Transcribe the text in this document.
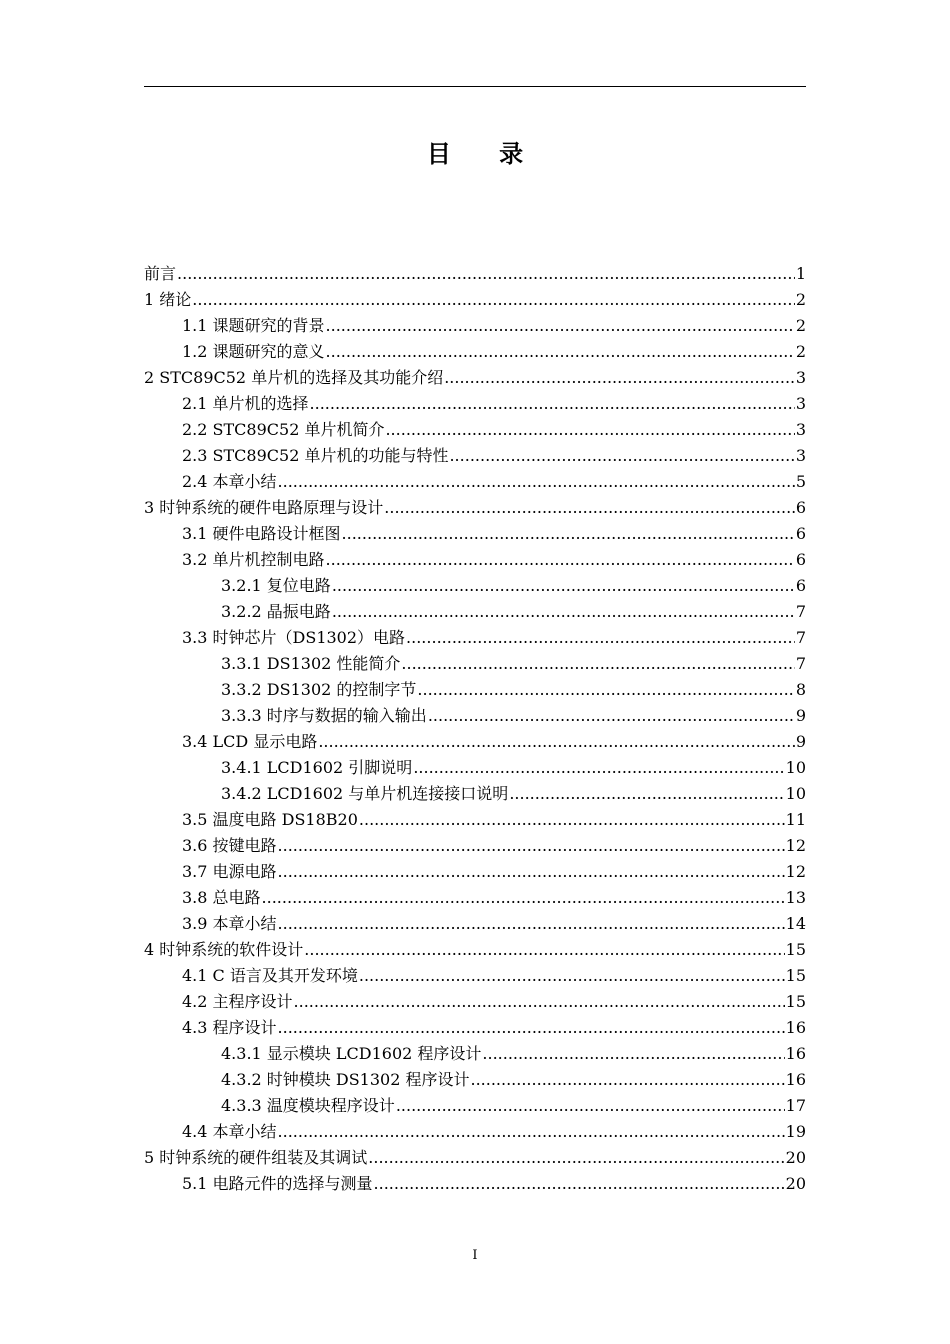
目 录
前言 .....	1
1 绪论 .....	2
1.1 课题研究的背景 .....	2
1.2 课题研究的意义 .....	2
2 STC89C52 单片机的选择及其功能介绍 .....	3
2.1 单片机的选择 .....	3
2.2 STC89C52 单片机简介 .....	3
2.3 STC89C52 单片机的功能与特性 .....	3
2.4 本章小结 .....	5
3 时钟系统的硬件电路原理与设计 .....	6
3.1 硬件电路设计框图 .....	6
3.2 单片机控制电路 .....	6
3.2.1 复位电路 .....	6
3.2.2 晶振电路 .....	7
3.3 时钟芯片（DS1302）电路 .....	7
3.3.1 DS1302 性能简介 .....	7
3.3.2 DS1302 的控制字节 .....	8
3.3.3 时序与数据的输入输出 .....	9
3.4 LCD 显示电路 .....	9
3.4.1 LCD1602 引脚说明 .....	10
3.4.2 LCD1602 与单片机连接接口说明 .....	10
3.5 温度电路 DS18B20 .....	11
3.6 按键电路 .....	12
3.7 电源电路 .....	12
3.8 总电路 .....	13
3.9 本章小结 .....	14
4 时钟系统的软件设计 .....	15
4.1 C 语言及其开发环境 .....	15
4.2 主程序设计 .....	15
4.3 程序设计 .....	16
4.3.1 显示模块 LCD1602 程序设计 .....	16
4.3.2 时钟模块 DS1302 程序设计 .....	16
4.3.3 温度模块程序设计 .....	17
4.4 本章小结 .....	19
5 时钟系统的硬件组装及其调试 .....	20
5.1 电路元件的选择与测量 .....	20
I
